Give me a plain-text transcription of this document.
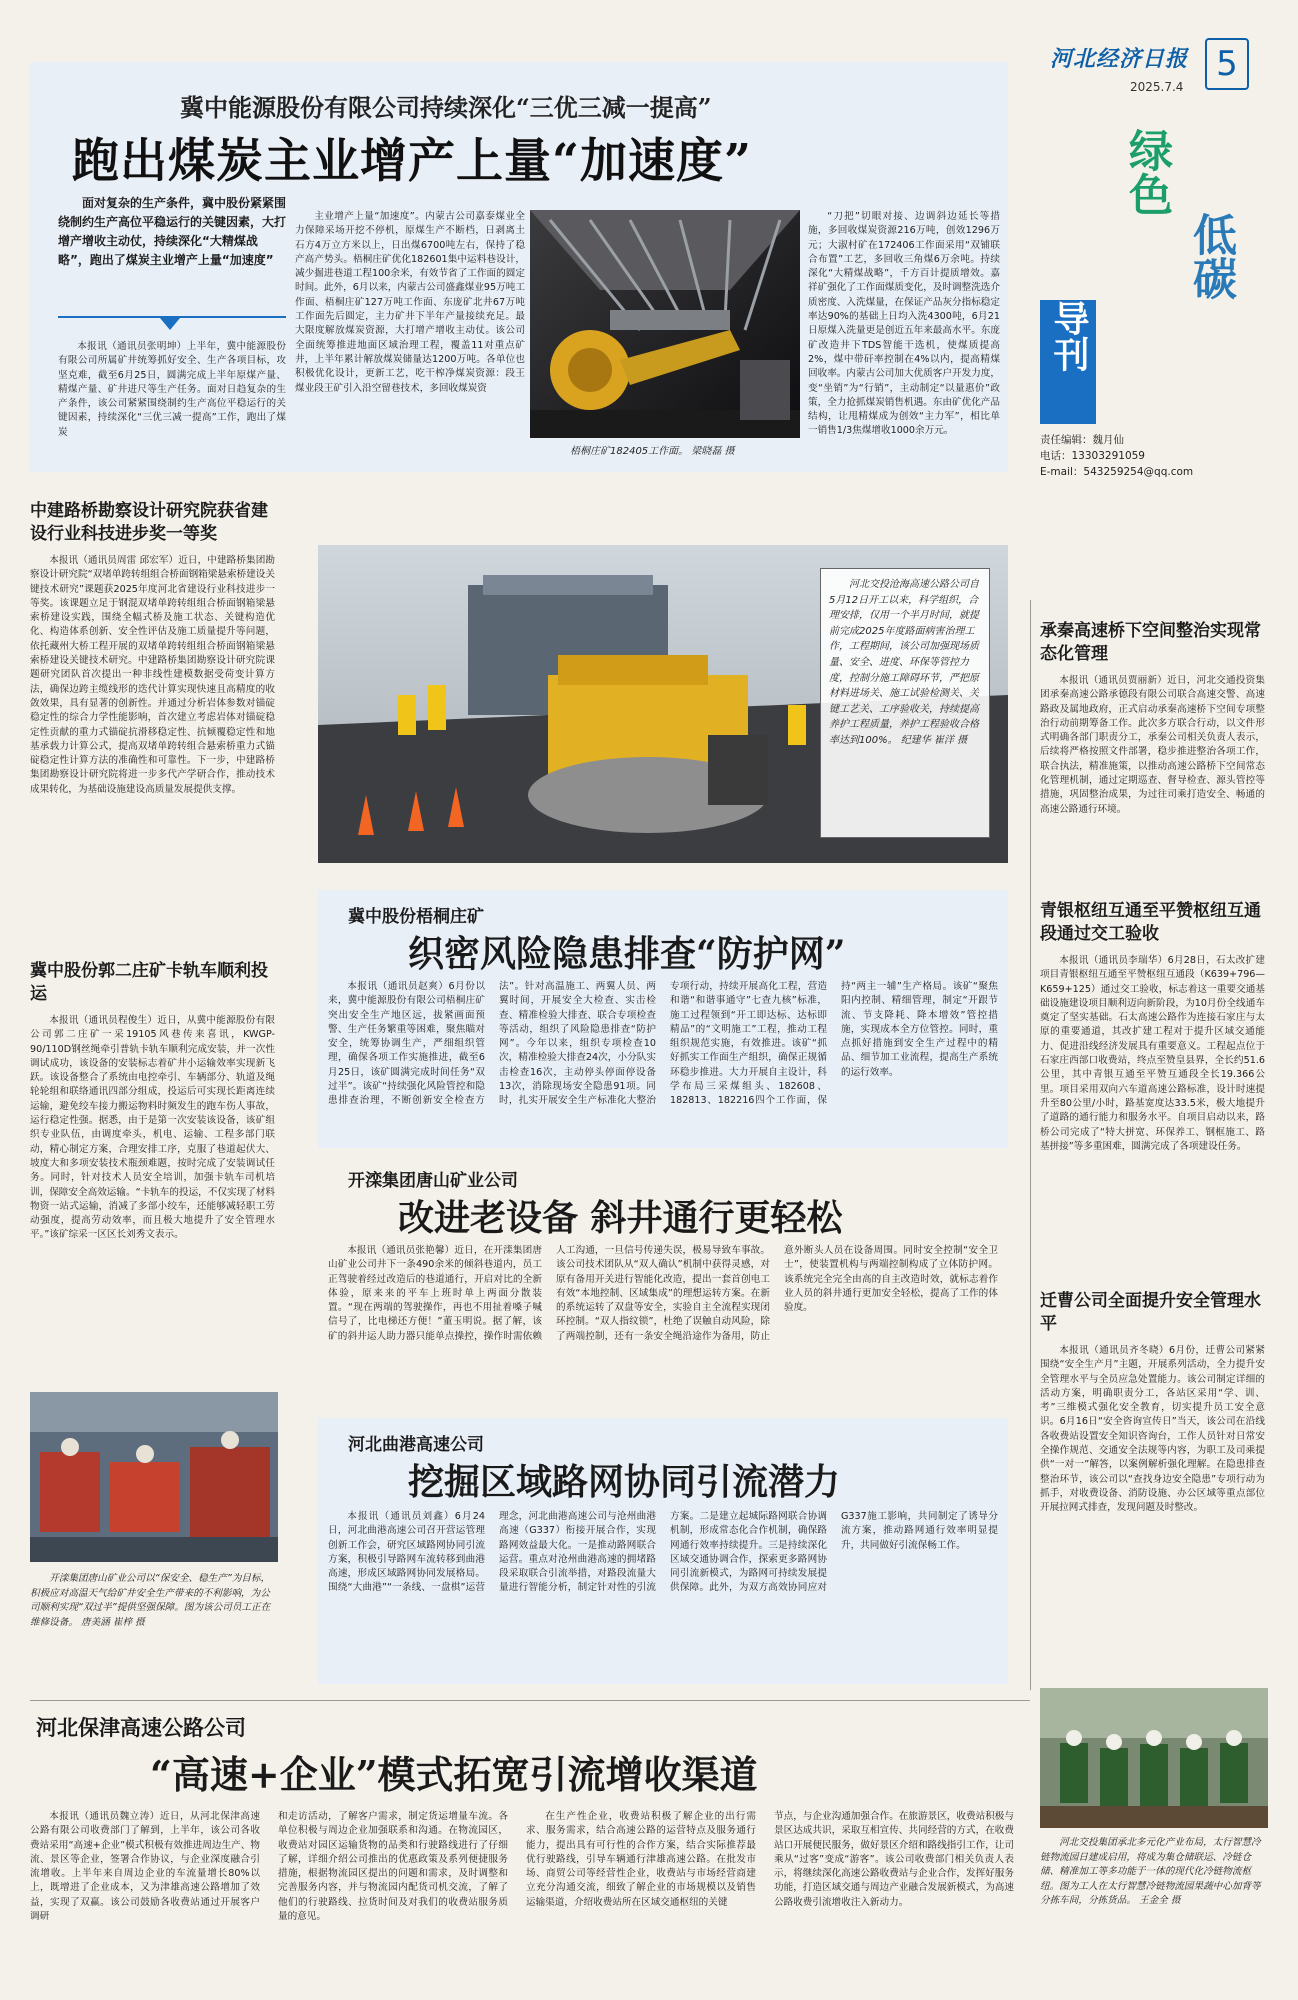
河北经济日报
2025.7.4
5
绿色
低碳
导刊
责任编辑：魏月仙
电话：13303291059
E-mail：543259254@qq.com
冀中能源股份有限公司持续深化“三优三减一提高”
跑出煤炭主业增产上量“加速度”
面对复杂的生产条件，冀中股份紧紧围绕制约生产高位平稳运行的关键因素，大打增产增收主动仗，持续深化“大精煤战略”，跑出了煤炭主业增产上量“加速度”
本报讯（通讯员张明坤）上半年，冀中能源股份有限公司所属矿井统筹抓好安全、生产各项目标，攻坚克难，截至6月25日，圆满完成上半年原煤产量、精煤产量、矿井进尺等生产任务。面对日趋复杂的生产条件，该公司紧紧围绕制约生产高位平稳运行的关键因素，持续深化“三优三减一提高”工作，跑出了煤炭
主业增产上量“加速度”。内蒙古公司嘉泰煤业全力保障采场开挖不停机，原煤生产不断档，日剥离土石方4万立方米以上，日出煤6700吨左右，保持了稳产高产势头。梧桐庄矿优化182601集中运料巷设计，减少掘进巷道工程100余米，有效节省了工作面的圆定时间。此外，6月以来，内蒙古公司盛鑫煤业95万吨工作面、梧桐庄矿127万吨工作面、东庞矿北井67万吨工作面先后圆定，主力矿井下半年产量接续充足。最大限度解放煤炭资源，大打增产增收主动仗。该公司全面统筹推进地面区域治理工程，覆盖11对重点矿井，上半年累计解放煤炭储量达1200万吨。各单位也积极优化设计，更新工艺，吃干榨净煤炭资源：段王煤业段王矿引入沿空留巷技术，多回收煤炭资
梧桐庄矿182405工作面。 梁晓磊 摄
“刀把”切眼对接、边调斜边延长等措施，多回收煤炭资源216万吨，创效1296万元；大淑村矿在172406工作面采用“双铺联合布置”工艺，多回收三角煤6万余吨。持续深化“大精煤战略”，千方百计提质增效。嘉祥矿强化了工作面煤质变化，及时调整洗选介质密度、入洗煤量，在保证产品灰分指标稳定率达90%的基础上日均入洗4300吨，6月21日原煤入洗量更是创近五年来最高水平。东庞矿改造井下TDS智能干选机，使煤质提高2%，煤中带矸率控制在4%以内，提高精煤回收率。内蒙古公司加大优质客户开发力度，变“坐销”为“行销”，主动制定“以量惠价”政策，全力抢抓煤炭销售机遇。东由矿优化产品结构，让甩精煤成为创效“主力军”，相比单一销售1/3焦煤增收1000余万元。
中建路桥勘察设计研究院获省建设行业科技进步奖一等奖
本报讯（通讯员周雷 邱宏军）近日，中建路桥集团勘察设计研究院“双堵单跨转组组合桥面钢箱梁悬索桥建设关键技术研究”课题获2025年度河北省建设行业科技进步一等奖。该课题立足于钢混双堵单跨转组组合桥面钢箱梁悬索桥建设实践，围绕全幅式桥及施工状态、关键构造优化、构造体系创新、安全性评估及施工质量提升等问题，依托藏州大桥工程开展的双堵单跨转组组合桥面钢箱梁悬索桥建设关键技术研究。中建路桥集团勘察设计研究院课题研究团队首次提出一种非线性建模数据受荷变计算方法，确保边跨主缆线形的迭代计算实现快速且高精度的收敛效果，具有显著的创新性。并通过分析岩体参数对锚碇稳定性的综合力学性能影响，首次建立考虑岩体对锚碇稳定性贡献的重力式锚碇抗滑移稳定性、抗倾覆稳定性和地基承载力计算公式，提高双堵单跨转组合悬索桥重力式锚碇稳定性计算方法的准确性和可靠性。下一步，中建路桥集团勘察设计研究院将进一步多代产学研合作，推动技术成果转化，为基础设施建设高质量发展提供支撑。
冀中股份郭二庄矿卡轨车顺利投运
本报讯（通讯员程俊生）近日，从冀中能源股份有限公司郭二庄矿一采19105风巷传来喜讯，KWGP-90/110D钢丝绳牵引普轨卡轨车顺利完成安装，并一次性调试成功，该设备的安装标志着矿井小运输效率实现新飞跃。该设备整合了系统由电控牵引、车辆部分、轨道及绳轮轮组和联络通讯四部分组成，投运后可实现长距离连续运输，避免绞车接力搬运物料时频发生的跑车伤人事故，运行稳定性强。据悉，由于是第一次安装该设备，该矿组织专业队伍，由调度牵头，机电、运输、工程多部门联动，精心制定方案，合理安排工序，克服了巷道起伏大、坡度大和多项安装技术瓶颈难题，按时完成了安装调试任务。同时，针对技术人员安全培训，加强卡轨车司机培训，保障安全高效运输。“卡轨车的投运，不仅实现了材料物资一站式运输，消减了多部小绞车，还能够减轻职工劳动强度，提高劳动效率，而且极大地提升了安全管理水平。”该矿综采一区区长刘秀文表示。
开滦集团唐山矿业公司以“保安全、稳生产”为目标，积极应对高温天气给矿井安全生产带来的不利影响，为公司顺利实现“双过半”提供坚强保障。图为该公司员工正在维修设备。 唐美涵 崔梓 摄
河北交投沧海高速公路公司自5月12日开工以来，科学组织，合理安排，仅用一个半月时间，就提前完成2025年度路面病害治理工作，工程期间，该公司加强现场质量、安全、进度、环保等管控力度，控制分施工障碍环节，严把原材料进场关、施工试验检测关、关键工艺关、工序验收关，持续提高养护工程质量，养护工程验收合格率达到100%。 纪建华 崔洋 摄
冀中股份梧桐庄矿
织密风险隐患排查“防护网”
本报讯（通讯员赵爽）6月份以来，冀中能源股份有限公司梧桐庄矿突出安全生产地区远，拔紧画面预警、生产任务繁重等困难，聚焦瞄对安全，统筹协调生产，严细组织管理，确保各项工作实施推进，截至6月25日，该矿圆满完成时间任务“双过半”。该矿“持续强化风险管控和隐患排查治理，不断创新安全检查方法”。针对高温施工、两翼人员、两翼时间，开展安全大检查、实击检查、精准检验大排查、联合专项检查等活动，组织了风险隐患排查“防护网”。今年以来，组织专项检查10次，精准检验大排查24次，小分队实击检查16次，主动停头停面停设备13次，消除现场安全隐患91项。同时，扎实开展安全生产标准化大整治专项行动，持续开展高化工程，营造和谐“和谐事通守”七查九核”标准，施工过程领到“开工即达标、达标即精品”的“文明施工”工程，推动工程组织规范实施，有效推进。该矿“抓好抓实工作面生产组织，确保正规循环稳步推进。大力开展自主设计，科学布局三采煤组头、182608、182813、182216四个工作面，保持“两主一辅”生产格局。该矿“聚焦阳内控制、精细管理，制定“开跟节流、节支降耗、降本增效”管控措施，实现成本全方位管控。同时，重点抓好措施到安全生产过程中的精品、细节加工业流程，提高生产系统的运行效率。
开滦集团唐山矿业公司
改进老设备 斜井通行更轻松
本报讯（通讯员张艳馨）近日，在开滦集团唐山矿业公司井下一条490余米的倾斜巷道内，员工正驾驶着经过改造后的巷道通行，开启对比的全新体验，原来来的平车上班时单上两面分散装置。“现在两端的驾驶操作，再也不用扯着嗓子喊信号了，比电梯还方便！”董玉明说。据了解，该矿的斜井运人助力器只能单点操控，操作时需依赖人工沟通，一旦信号传递失误，极易导致车事故。该公司技术团队从“双人确认”机制中获得灵感，对原有备用开关进行智能化改造，提出一套首创电工有效“本地控制、区域集成”的理想运转方案。在新的系统运转了双盘等安全，实验自主全流程实现闭环控制。“双人指纹锁”，杜绝了误触自动风险，除了两端控制，还有一条安全绳沿途作为备用，防止意外断头人员在设备周围。同时安全控制“安全卫士”，使装置机构与两端控制构成了立体防护网。该系统完全完全由高的自主改造时效，就标志着作业人员的斜井通行更加安全轻松，提高了工作的体验度。
河北曲港高速公司
挖掘区域路网协同引流潜力
本报讯（通讯员刘鑫）6月24日，河北曲港高速公司召开营运管理创新工作会，研究区域路网协同引流方案，积极引导路网车流转移到曲港高速，形成区域路网协同发展格局。围绕“大曲港”“一条线、一盘棋”运营理念，河北曲港高速公司与沧州曲港高速（G337）衔接开展合作，实现路网效益最大化。一是推动路网联合运营。重点对沧州曲港高速的拥堵路段采取联合引流举措，对路段流量大量进行智能分析，制定针对性的引流方案。二是建立起城际路网联合协调机制，形成常态化合作机制，确保路网通行效率持续提升。三是持续深化区域交通协调合作，探索更多路网协同引流新模式，为路网可持续发展提供保障。此外，为双方高效协同应对G337施工影响，共同制定了诱导分流方案，推动路网通行效率明显提升，共同做好引流保畅工作。
承秦高速桥下空间整治实现常态化管理
本报讯（通讯员贾丽新）近日，河北交通投资集团承秦高速公路承德段有限公司联合高速交警、高速路政及属地政府，正式启动承秦高速桥下空间专项整治行动前期筹备工作。此次多方联合行动，以文件形式明确各部门职责分工，承秦公司相关负责人表示，后续将严格按照文件部署，稳步推进整治各项工作，联合执法，精准施策，以推动高速公路桥下空间常态化管理机制，通过定期巡查、督导检查、源头管控等措施，巩固整治成果，为过往司乘打造安全、畅通的高速公路通行环境。
青银枢纽互通至平赞枢纽互通段通过交工验收
本报讯（通讯员李瑞华）6月28日，石太改扩建项目青银枢纽互通至平赞枢纽互通段（K639+796—K659+125）通过交工验收，标志着这一重要交通基础设施建设项目顺利迈向新阶段，为10月份全线通车奠定了坚实基础。石太高速公路作为连接石家庄与太原的重要通道，其改扩建工程对于提升区域交通能力、促进沿线经济发展具有重要意义。工程起点位于石家庄西部口收费站，终点至赞皇县界，全长约51.6公里，其中青银互通至平赞互通段全长19.366公里。项目采用双向六车道高速公路标准，设计时速提升至80公里/小时，路基宽度达33.5米，极大地提升了道路的通行能力和服务水平。自项目启动以来，路桥公司完成了“特大拼宽、环保养工、钢框施工、路基拼接”等多重困难，圆满完成了各项建设任务。
迁曹公司全面提升安全管理水平
本报讯（通讯员齐冬晓）6月份，迁曹公司紧紧围绕“安全生产月”主题，开展系列活动，全力提升安全管理水平与全员应急处置能力。该公司制定详细的活动方案，明确职责分工，各站区采用“学、训、考”三维模式强化安全教育，切实提升员工安全意识。6月16日“安全咨询宣传日”当天，该公司在沿线各收费站设置安全知识咨询台，工作人员针对日常安全操作规范、交通安全法规等内容，为职工及司乘提供“一对一”解答，以案例解析强化理解。在隐患排查整治环节，该公司以“查找身边安全隐患”专项行动为抓手，对收费设备、消防设施、办公区域等重点部位开展拉网式排查，发现问题及时整改。
河北保津高速公路公司
“高速+企业”模式拓宽引流增收渠道
本报讯（通讯员魏立涛）近日，从河北保津高速公路有限公司收费部门了解到，上半年，该公司各收费站采用“高速+企业”模式积极有效推进周边生产、物流、景区等企业，签署合作协议，与企业深度融合引流增收。上半年来自周边企业的车流量增长80%以上，既增进了企业成本，又为津雄高速公路增加了效益，实现了双赢。该公司鼓励各收费站通过开展客户调研
和走访活动，了解客户需求，制定货运增量车流。各单位积极与周边企业加强联系和沟通。在物流园区，收费站对园区运输货物的品类和行驶路线进行了仔细了解，详细介绍公司推出的优惠政策及系列便捷服务措施，根据物流园区提出的问题和需求，及时调整和完善服务内容，并与物流园内配货司机交流，了解了他们的行驶路线、拉货时间及对我们的收费站服务质量的意见。
在生产性企业，收费站积极了解企业的出行需求、服务需求，结合高速公路的运营特点及服务通行能力，提出具有可行性的合作方案，结合实际推荐最优行驶路线，引导车辆通行津雄高速公路。在批发市场、商贸公司等经营性企业，收费站与市场经营商建立充分沟通交流，细致了解企业的市场规模以及销售运输渠道，介绍收费站所在区域交通枢纽的关键
节点，与企业沟通加强合作。在旅游景区，收费站积极与景区达成共识，采取互相宣传、共同经营的方式，在收费站口开展便民服务，做好景区介绍和路线指引工作，让司乘从“过客”变成“游客”。该公司收费部门相关负责人表示，将继续深化高速公路收费站与企业合作，发挥好服务功能，打造区域交通与周边产业融合发展新模式，为高速公路收费引流增收注入新动力。
河北交投集团承北多元化产业布局，太行智慧冷链物流园日建成启用，将成为集仓储联运、冷链仓储、精准加工等多功能于一体的现代化冷链物流枢纽。图为工人在太行智慧冷链物流园果蔬中心加背等分拣车间，分拣货品。 王金全 摄
